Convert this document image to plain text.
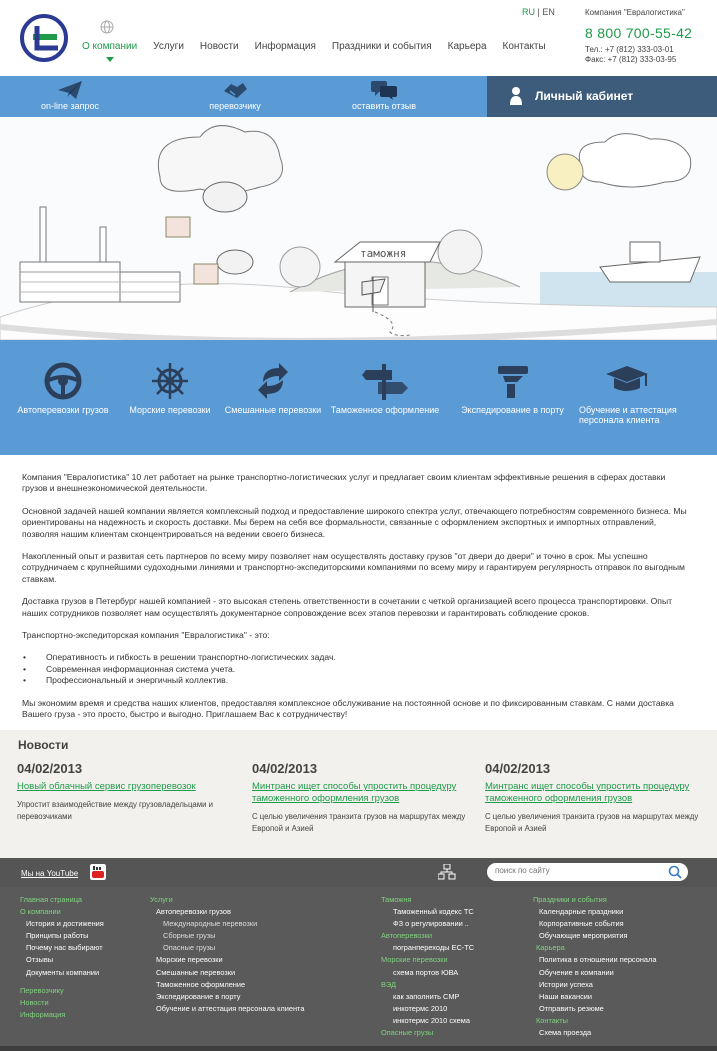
О компании	Услуги	Новости	Информация	Праздники и события	Карьера	Контакты
RU | EN	Компания "Евралогистика"
8 800 700-55-42
Тел.: +7 (812) 333-03-01
Факс: +7 (812) 333-03-95
on-line запрос	перевозчику	оставить отзыв
Личный кабинет
таможня
Автоперевозки грузов	Морские перевозки	Смешанные перевозки	Таможенное оформление	Экспедирование в порту	Обучение и аттестация персонала клиента

Компания "Евралогистика" 10 лет работает на рынке транспортно-логистических услуг и предлагает своим клиентам эффективные решения в сферах доставки грузов и внешнеэкономической деятельности.

Основной задачей нашей компании является комплексный подход и предоставление широкого спектра услуг, отвечающего потребностям современного бизнеса. Мы ориентированы на надежность и скорость доставки. Мы берем на себя все формальности, связанные с оформлением экспортных и импортных отправлений, позволяя нашим клиентам сконцентрироваться на ведении своего бизнеса.

Накопленный опыт и развитая сеть партнеров по всему миру позволяет нам осуществлять доставку грузов "от двери до двери" и точно в срок. Мы успешно сотрудничаем с крупнейшими судоходными линиями и транспортно-экспедиторскими компаниями по всему миру и гарантируем регулярность отправок по выгодным ставкам.

Доставка грузов в Петербург нашей компанией - это высокая степень ответственности в сочетании с четкой организацией всего процесса транспортировки. Опыт наших сотрудников позволяет нам осуществлять документарное сопровождение всех этапов перевозки и гарантировать соблюдение сроков.

Транспортно-экспедиторская компания "Евралогистика" - это:

• Оперативность и гибкость в решении транспортно-логистических задач.
• Современная информационная система учета.
• Профессиональный и энергичный коллектив.

Мы экономим время и средства наших клиентов, предоставляя комплексное обслуживание на постоянной основе и по фиксированным ставкам. С нами доставка Вашего груза - это просто, быстро и выгодно. Приглашаем Вас к сотрудничеству!

Новости
04/02/2013
Новый облачный сервис грузоперевозок
Упростит взаимодействие между грузовладельцами и перевозчиками
04/02/2013
Минтранс ищет способы упростить процедуру таможенного оформления грузов
С целью увеличения транзита грузов на маршрутах между Европой и Азией
04/02/2013
Минтранс ищет способы упростить процедуру таможенного оформления грузов
С целью увеличения транзита грузов на маршрутах между Европой и Азией
Мы на YouTube
поиск по сайту
Главная страница
О компании
История и достижения
Принципы работы
Почему нас выбирают
Отзывы
Документы компании
Перевозчику
Новости
Информация
Услуги
Автоперевозки грузов
Международные перевозки
Сборные грузы
Опасные грузы
Морские перевозки
Смешанные перевозки
Таможенное оформление
Экспедирование в порту
Обучение и аттестация персонала клиента
Таможня
Таможенный кодекс ТС
ФЗ о регулировании ..
Автоперевозки
погранпереходы ЕС-ТС
Морские перевозки
схема портов ЮВА
ВЭД
как заполнить CMP
инкотермс 2010
инкотермс 2010 схема
Опасные грузы
Праздники и события
Календарные праздники
Корпоративные события
Обучающие мероприятия
Карьера
Политика в отношении персонала
Обучение в компании
Истории успеха
Наши вакансии
Отправить резюме
Контакты
Схема проезда
